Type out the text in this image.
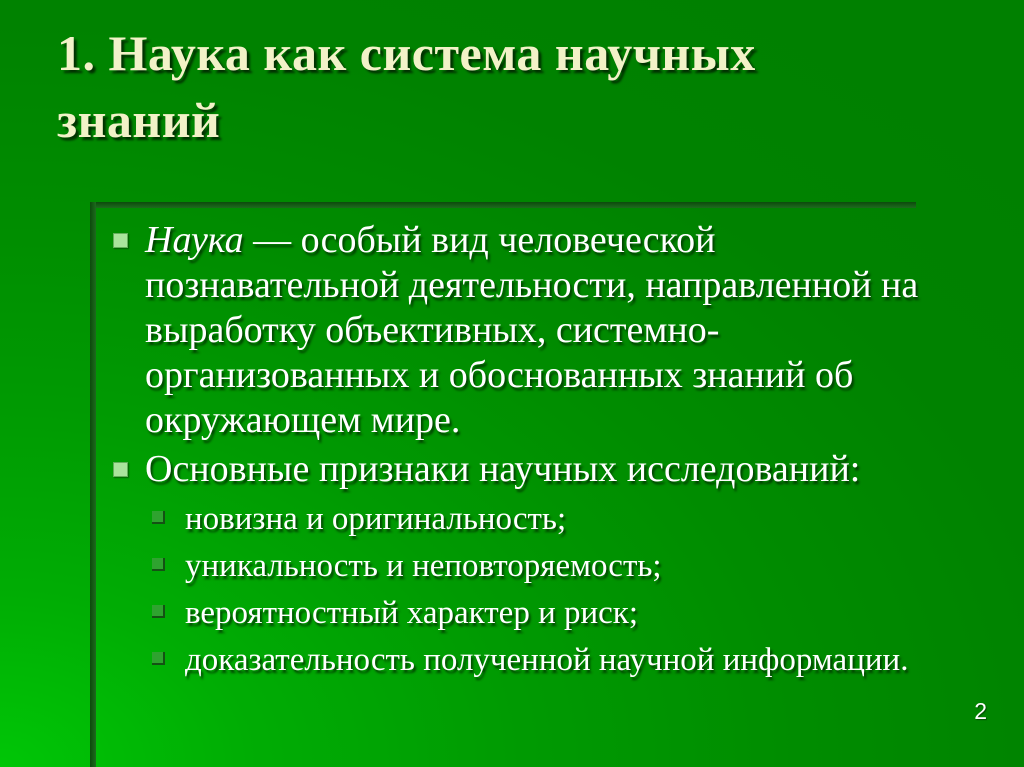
1. Наука как система научных
знаний
Наука — особый вид человеческой
познавательной деятельности, направленной на
выработку объективных, системно-
организованных и обоснованных знаний об
окружающем мире.
Основные признаки научных исследований:
новизна и оригинальность;
уникальность и неповторяемость;
вероятностный характер и риск;
доказательность полученной научной информации.
2
